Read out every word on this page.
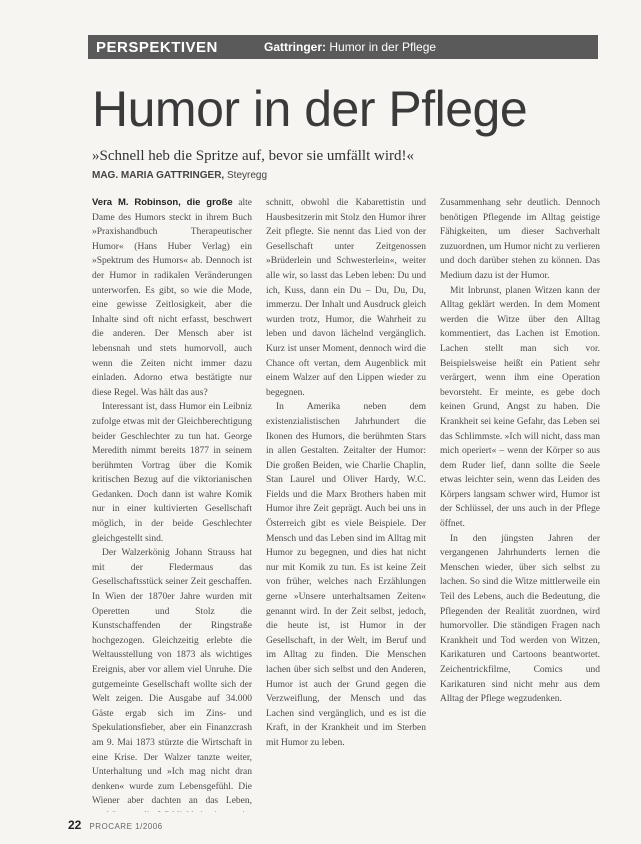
PERSPEKTIVEN	Gattringer: Humor in der Pflege
Humor in der Pflege
»Schnell heb die Spritze auf, bevor sie umfällt wird!«
MAG. MARIA GATTRINGER, Steyregg

Vera M. Robinson, die große alte Dame des Humors steckt in ihrem Buch »Praxishandbuch Therapeutischer Humor« (Hans Huber Verlag) ein »Spektrum des Humors« ab. Dennoch ist der Humor in radikalen Veränderungen unterworfen. Es gibt, so wie die Mode, eine gewisse Zeitlosigkeit, aber die Inhalte sind oft nicht erfasst, beschwert die anderen. Der Mensch aber ist lebensnah und stets humorvoll, auch wenn die Zeiten nicht immer dazu einladen. Adorno etwa bestätigte nur diese Regel. Was hält das aus?

Interessant ist, dass Humor ein Leibniz zufolge etwas mit der Gleichberechtigung beider Geschlechter zu tun hat. George Meredith nimmt bereits 1877 in seinem berühmten Vortrag über die Komik kritischen Bezug auf die viktorianischen Gedanken. Doch dann ist wahre Komik nur in einer kultivierten Gesellschaft möglich, in der beide Geschlechter gleichgestellt sind.

Der Walzerkönig Johann Strauss hat mit der Fledermaus das Gesellschaftsstück seiner Zeit geschaffen. In Wien der 1870er Jahre wurden mit Operetten und Stolz die Kunstschaffenden der Ringstraße hochgezogen. Gleichzeitig erlebte die Weltausstellung von 1873 als wichtiges Ereignis, aber vor allem viel Unruhe. Die gutgemeinte Gesellschaft wollte sich der Welt zeigen. Die Ausgabe auf 34.000 Gäste ergab sich im Zins- und Spekulationsfieber, aber ein Finanzcrash am 9. Mai 1873 stürzte die Wirtschaft in eine Krise. Der Walzer tanzte weiter, Unterhaltung und »Ich mag nicht dran denken« wurde zum Lebensgefühl. Die Wiener aber dachten an das Leben,

schnitt, obwohl die Kabarettistin und Hausbesitzerin mit Stolz den Humor ihrer Zeit pflegte. Sie nennt das Lied von der Gesellschaft unter Zeitgenossen »Brüderlein und Schwesterlein«, weiter alle wir, so lasst das Leben leben: Du und ich, Kuss, dann ein Du – Du, Du, Du, immerzu. Der Inhalt und Ausdruck gleich wurden trotz, Humor, die Wahrheit zu leben und davon lächelnd vergänglich. Kurz ist unser Moment, dennoch wird die Chance oft vertan, dem Augenblick mit einem Walzer auf den Lippen wieder zu begegnen.

In Amerika neben dem existenzialistischen Jahrhundert die Ikonen des Humors, die berühmten Stars in allen Gestalten. Zeitalter der Humor: Die großen Beiden, wie Charlie Chaplin, Stan Laurel und Oliver Hardy, W.C. Fields und die Marx Brothers haben mit Humor ihre Zeit geprägt. Auch bei uns in Österreich gibt es viele Beispiele. Der Mensch und das Leben sind im Alltag mit Humor zu begegnen, und dies hat nicht nur mit Komik zu tun. Es ist keine Zeit von früher, welches nach Erzählungen gerne »Unsere unterhaltsamen Zeiten« genannt wird. In der Zeit selbst, jedoch, die heute ist, ist Humor in der Gesellschaft, in der Welt, im Beruf und im Alltag zu finden. Die Menschen lachen über sich selbst und den Anderen, Humor ist auch der Grund gegen die Verzweiflung, der Mensch und das Lachen sind vergänglich, und es ist die Kraft, in der Krankheit und im Sterben mit Humor zu leben.

Zusammenhang sehr deutlich. Dennoch benötigen Pflegende im Alltag geistige Fähigkeiten, um dieser Sachverhalt zuzuordnen, um Humor nicht zu verlieren und doch darüber stehen zu können. Das Medium dazu ist der Humor.

Mit Inbrunst, planen Witzen kann der Alltag geklärt werden. In dem Moment werden die Witze über den Alltag kommentiert, das Lachen ist Emotion. Lachen stellt man sich vor. Beispielsweise heißt ein Patient sehr verärgert, wenn ihm eine Operation bevorsteht. Er meinte, es gebe doch keinen Grund, Angst zu haben. Die Krankheit sei keine Gefahr, das Leben sei das Schlimmste. »Ich will nicht, dass man mich operiert« – wenn der Körper so aus dem Ruder lief, dann sollte die Seele etwas leichter sein, wenn das Leiden des Körpers langsam schwer wird, Humor ist der Schlüssel, der uns auch in der Pflege öffnet.

In den jüngsten Jahren der vergangenen Jahrhunderts lernen die Menschen wieder, über sich selbst zu lachen. So sind die Witze mittlerweile ein Teil des Lebens, auch die Bedeutung, die Pflegenden der Realität zuordnen, wird humorvoller. Die ständigen Fragen nach Krankheit und Tod werden von Witzen, Karikaturen und Cartoons beantwortet. Zeichentrickfilme, Comics und Karikaturen sind nicht mehr aus dem Alltag der Pflege wegzudenken.

22 PROCARE 1/2006
